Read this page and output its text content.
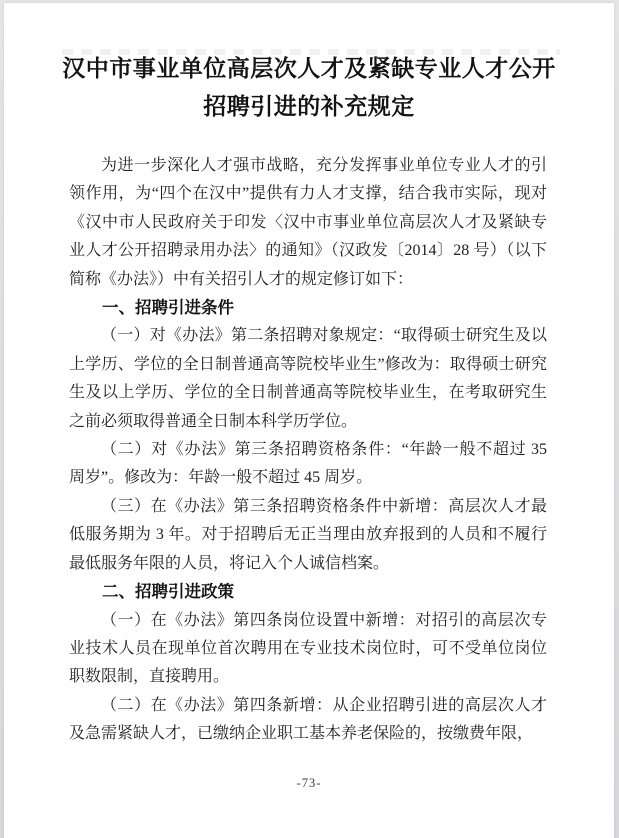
汉中市事业单位高层次人才及紧缺专业人才公开
招聘引进的补充规定

为进一步深化人才强市战略，充分发挥事业单位专业人才的引领作用，为“四个在汉中”提供有力人才支撑，结合我市实际，现对《汉中市人民政府关于印发〈汉中市事业单位高层次人才及紧缺专业人才公开招聘录用办法〉的通知》（汉政发〔2014〕28 号）（以下简称《办法》）中有关招引人才的规定修订如下：

一、招聘引进条件

（一）对《办法》第二条招聘对象规定：“取得硕士研究生及以上学历、学位的全日制普通高等院校毕业生”修改为：取得硕士研究生及以上学历、学位的全日制普通高等院校毕业生，在考取研究生之前必须取得普通全日制本科学历学位。

（二）对《办法》第三条招聘资格条件：“年龄一般不超过 35 周岁”。修改为：年龄一般不超过 45 周岁。

（三）在《办法》第三条招聘资格条件中新增：高层次人才最低服务期为 3 年。对于招聘后无正当理由放弃报到的人员和不履行最低服务年限的人员，将记入个人诚信档案。

二、招聘引进政策

（一）在《办法》第四条岗位设置中新增：对招引的高层次专业技术人员在现单位首次聘用在专业技术岗位时，可不受单位岗位职数限制，直接聘用。

（二）在《办法》第四条新增：从企业招聘引进的高层次人才及急需紧缺人才，已缴纳企业职工基本养老保险的，按缴费年限，

-73-
